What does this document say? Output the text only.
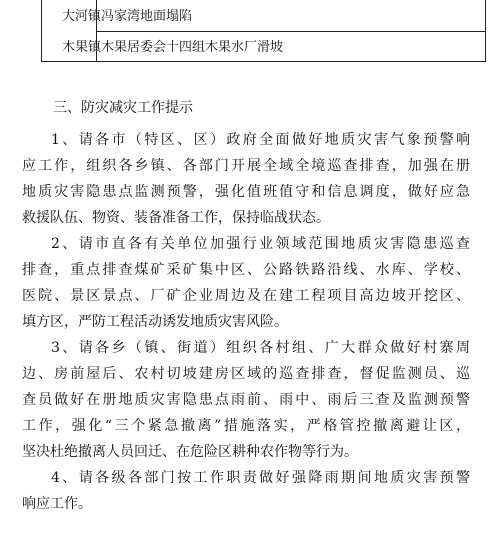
大河镇冯家湾地面塌陷
木果镇木果居委会十四组木果水厂滑坡
三、防灾减灾工作提示
1、请各市（特区、区）政府全面做好地质灾害气象预警响
应工作，组织各乡镇、各部门开展全域全境巡查排查，加强在册
地质灾害隐患点监测预警，强化值班值守和信息调度，做好应急
救援队伍、物资、装备准备工作，保持临战状态。
2、请市直各有关单位加强行业领域范围地质灾害隐患巡查
排查，重点排查煤矿采矿集中区、公路铁路沿线、水库、学校、
医院、景区景点、厂矿企业周边及在建工程项目高边坡开挖区、
填方区，严防工程活动诱发地质灾害风险。
3、请各乡（镇、街道）组织各村组、广大群众做好村寨周
边、房前屋后、农村切坡建房区域的巡查排查，督促监测员、巡
查员做好在册地质灾害隐患点雨前、雨中、雨后三查及监测预警
工作，强化“三个紧急撤离”措施落实，严格管控撤离避让区，
坚决杜绝撤离人员回迁、在危险区耕种农作物等行为。
4、请各级各部门按工作职责做好强降雨期间地质灾害预警
响应工作。
